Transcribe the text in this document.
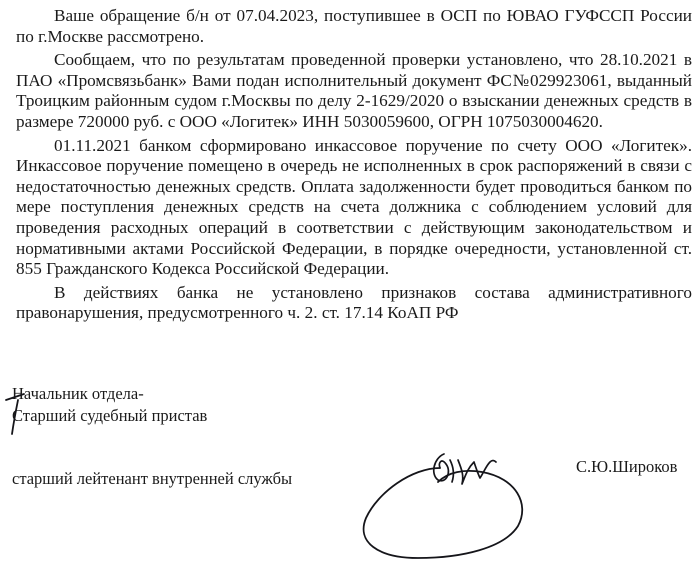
Ваше обращение б/н от 07.04.2023, поступившее в ОСП по ЮВАО ГУФССП России по г.Москве рассмотрено.

Сообщаем, что по результатам проведенной проверки установлено, что 28.10.2021 в ПАО «Промсвязьбанк» Вами подан исполнительный документ ФС№029923061, выданный Троицким районным судом г.Москвы по делу 2-1629/2020 о взыскании денежных средств в размере 720000 руб. с ООО «Логитек» ИНН 5030059600, ОГРН 1075030004620.

01.11.2021 банком сформировано инкассовое поручение по счету ООО «Логитек». Инкассовое поручение помещено в очередь не исполненных в срок распоряжений в связи с недостаточностью денежных средств. Оплата задолженности будет проводиться банком по мере поступления денежных средств на счета должника с соблюдением условий для проведения расходных операций в соответствии с действующим законодательством и нормативными актами Российской Федерации, в порядке очередности, установленной ст. 855 Гражданского Кодекса Российской Федерации.

В действиях банка не установлено признаков состава административного правонарушения, предусмотренного ч. 2. ст. 17.14 КоАП РФ

Начальник отдела-
Старший судебный пристав
старший лейтенант внутренней службы
С.Ю.Широков
